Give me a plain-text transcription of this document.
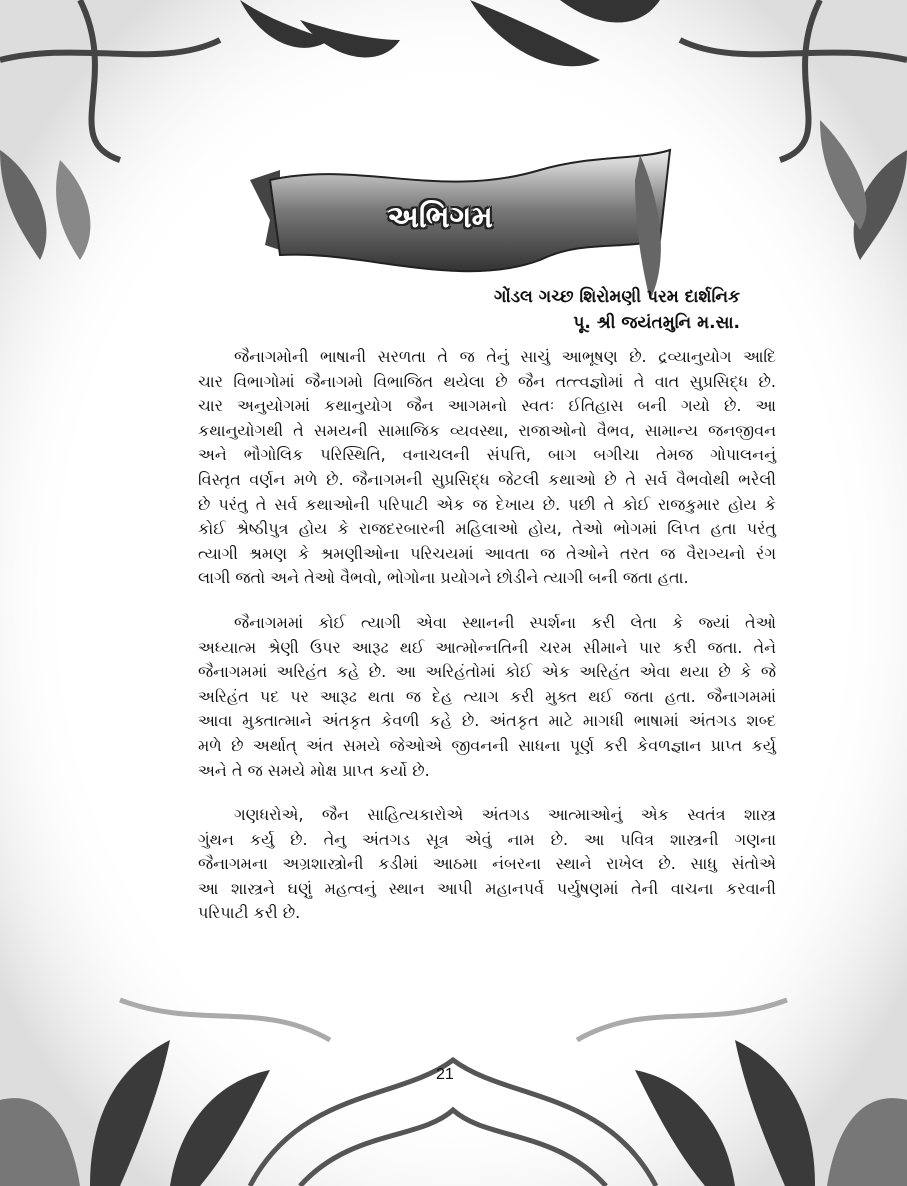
અભિગમ
ગોંડલ ગચ્છ શિરોમણી પરમ દાર્શનિક
પૂ. શ્રી જયંતમુનિ મ.સા.
જૈનાગમોની ભાષાની સરળતા તે જ તેનું સાચું આભૂષણ છે. દ્રવ્યાનુયોગ આદિ
ચાર વિભાગોમાં જૈનાગમો વિભાજિત થયેલા છે જૈન તત્ત્વજ્ઞોમાં તે વાત સુપ્રસિદ્ધ છે.
ચાર અનુયોગમાં કથાનુયોગ જૈન આગમનો સ્વતઃ ઈતિહાસ બની ગયો છે. આ
કથાનુયોગથી તે સમયની સામાજિક વ્યવસ્થા, રાજાઓનો વૈભવ, સામાન્ય જનજીવન
અને ભૌગોલિક પરિસ્થિતિ, વનાચલની સંપત્તિ, બાગ બગીચા તેમજ ગોપાલનનું
વિસ્તૃત વર્ણન મળે છે. જૈનાગમની સુપ્રસિદ્ધ જેટલી કથાઓ છે તે સર્વ વૈભવોથી ભરેલી
છે પરંતુ તે સર્વ કથાઓની પરિપાટી એક જ દેખાય છે. પછી તે કોઈ રાજકુમાર હોય કે
કોઈ શ્રેષ્ઠીપુત્ર હોય કે રાજદરબારની મહિલાઓ હોય, તેઓ ભોગમાં લિપ્ત હતા પરંતુ
ત્યાગી શ્રમણ કે શ્રમણીઓના પરિચયમાં આવતા જ તેઓને તરત જ વૈરાગ્યનો રંગ
લાગી જતો અને તેઓ વૈભવો, ભોગોના પ્રયોગને છોડીને ત્યાગી બની જતા હતા.
જૈનાગમમાં કોઈ ત્યાગી એવા સ્થાનની સ્પર્શના કરી લેતા કે જ્યાં તેઓ
અધ્યાત્મ શ્રેણી ઉપર આરૂઢ થઈ આત્મોન્નતિની ચરમ સીમાને પાર કરી જતા. તેને
જૈનાગમમાં અરિહંત કહે છે. આ અરિહંતોમાં કોઈ એક અરિહંત એવા થયા છે કે જે
અરિહંત પદ પર આરૂઢ થતા જ દેહ ત્યાગ કરી મુક્ત થઈ જતા હતા. જૈનાગમમાં
આવા મુક્તાત્માને અંતકૃત કેવળી કહે છે. અંતકૃત માટે માગધી ભાષામાં અંતગડ શબ્દ
મળે છે અર્થાત્ અંત સમયે જેઓએ જીવનની સાધના પૂર્ણ કરી કેવળજ્ઞાન પ્રાપ્ત કર્યુ
અને તે જ સમયે મોક્ષ પ્રાપ્ત કર્યો છે.
ગણધરોએ, જૈન સાહિત્યકારોએ અંતગડ આત્માઓનું એક સ્વતંત્ર શાસ્ત્ર
ગુંથન કર્યુ છે. તેનુ અંતગડ સૂત્ર એવું નામ છે. આ પવિત્ર શાસ્ત્રની ગણના
જૈનાગમના અગ્રશાસ્ત્રોની કડીમાં આઠમા નંબરના સ્થાને રાખેલ છે. સાધુ સંતોએ
આ શાસ્ત્રને ઘણું મહત્વનું સ્થાન આપી મહાનપર્વ પર્યુષણમાં તેની વાચના કરવાની
પરિપાટી કરી છે.
21
